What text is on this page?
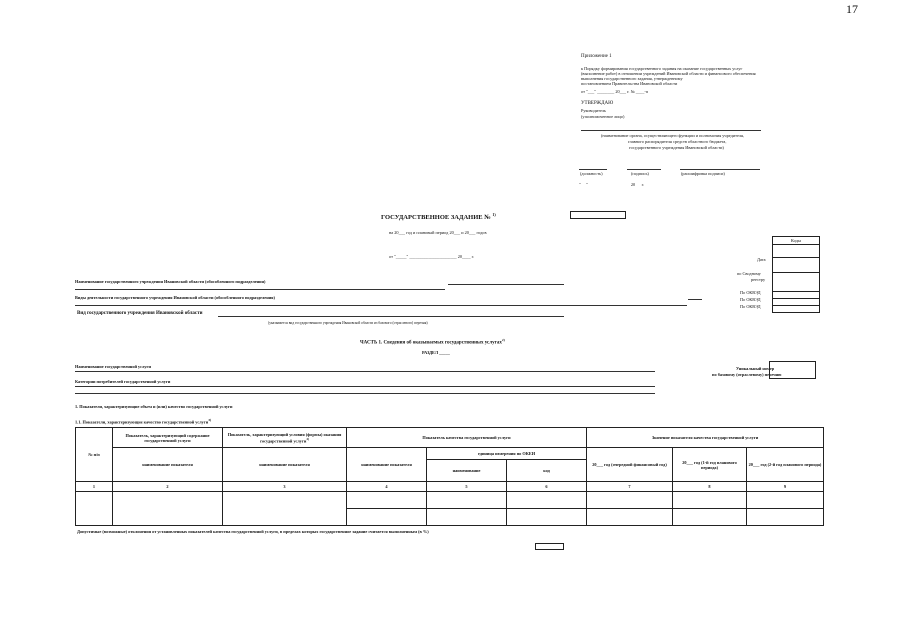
17
Приложение 1
к Порядку формирования государственного задания на оказание государственных услуг
(выполнение работ) в отношении учреждений Ивановской области и финансового обеспечения
выполнения государственного задания, утвержденному
постановлением Правительства Ивановской области
от "___" ________ 20___ г. № ____-п
УТВЕРЖДАЮ
Руководитель
(уполномоченное лицо)
(наименование органа, осуществляющего функции и полномочия учредителя,
главного распорядителя средств областного бюджета,
государственного учреждения Ивановской области)
(должность)	(подпись)	(расшифровка подписи)
"     "                                        20      г.
ГОСУДАРСТВЕННОЕ ЗАДАНИЕ № $^{1)}$
на 20___ год и плановый период 20___ и 20___ годов
от "_____" ______________________ 20____ г.
Коды

Дата
по Сводному
реестру
По ОКВЭД
По ОКВЭД
По ОКВЭД
Наименование государственного учреждения Ивановской области (обособленного подразделения)
Виды деятельности государственного учреждения Ивановской области (обособленного подразделения)
Вид государственного учреждения Ивановской области
(указывается вид государственного учреждения Ивановской области из базового (отраслевого) перечня)
ЧАСТЬ 1. Сведения об оказываемых государственных услугах$^{2)}$
РАЗДЕЛ _____
Наименование государственной услуги	Уникальный номер
по базовому (отраслевому) перечню
Категории потребителей государственной услуги
1. Показатели, характеризующие объем и (или) качество государственной услуги
1.1. Показатели, характеризующие качество государственной услуги$^{3)}$
№ п/п	Показатель, характеризующий содержание государственной услуги	Показатель, характеризующий условия (формы) оказания государственной услуги$^{4)}$	Показатель качества государственной услуги			Значение показателя качества государственной услуги		
	наименование показателя	наименование показателя	наименование показателя	единица измерения по ОКЕИ		20___ год (очередной финансовый год)	20___ год (1-й год планового периода)	20___ год (2-й год планового периода)
				наименование	код			
1	2	3	4	5	6	7	8	9

Допустимые (возможные) отклонения от установленных показателей качества государственной услуги, в пределах которых государственное задание считается выполненным (в %)
